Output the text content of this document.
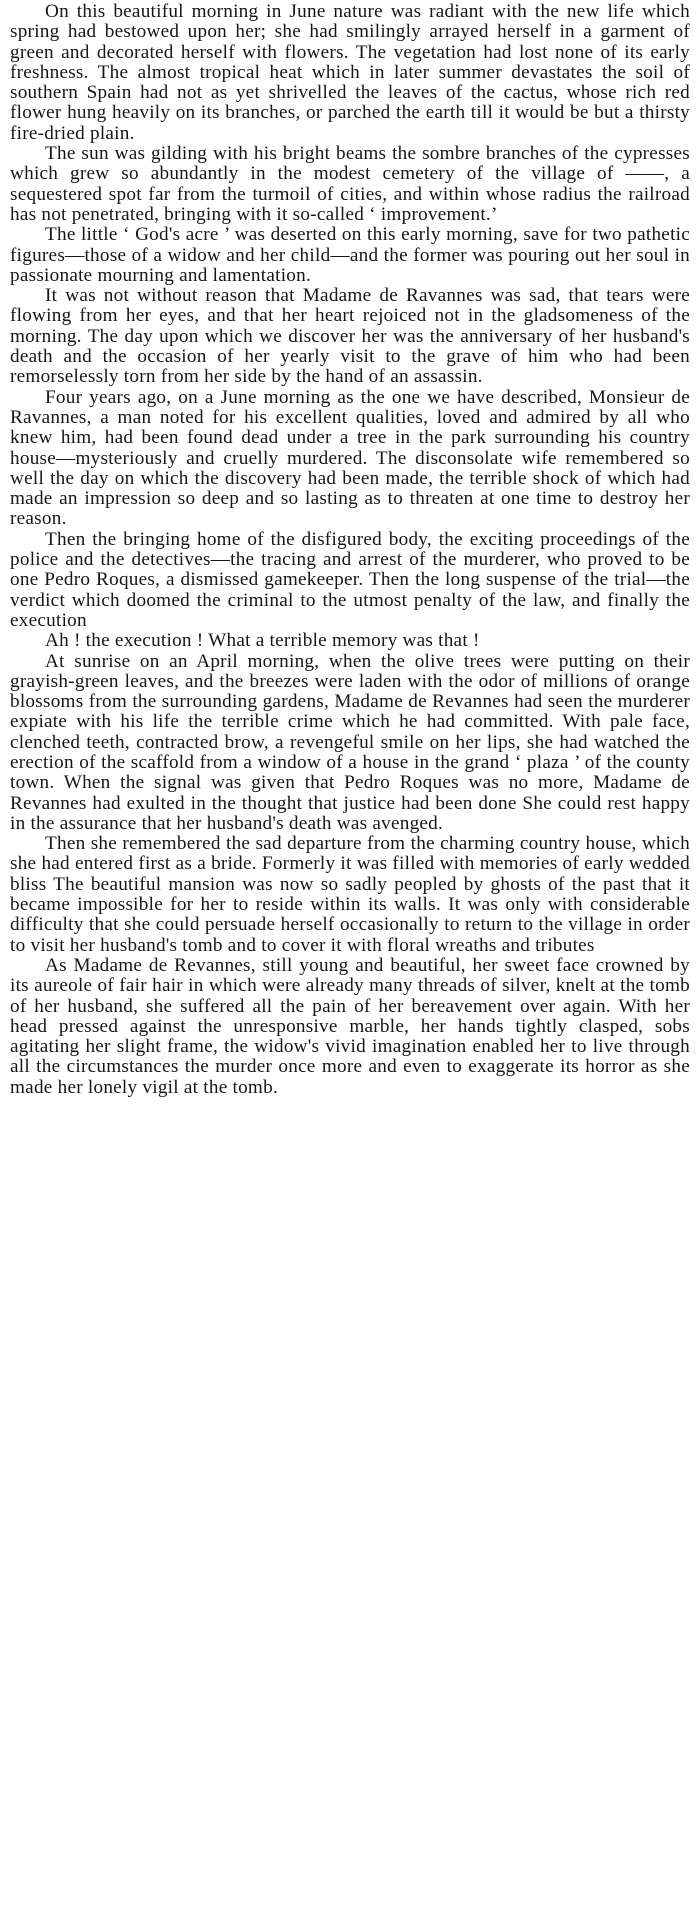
On this beautiful morning in June nature was radiant with the new life which spring had bestowed upon her; she had smilingly arrayed herself in a garment of green and decorated herself with flowers. The vegetation had lost none of its early freshness. The almost tropical heat which in later summer devastates the soil of southern Spain had not as yet shrivelled the leaves of the cactus, whose rich red flower hung heavily on its branches, or parched the earth till it would be but a thirsty fire-dried plain.

The sun was gilding with his bright beams the sombre branches of the cypresses which grew so abundantly in the modest cemetery of the village of ——, a sequestered spot far from the turmoil of cities, and within whose radius the railroad has not penetrated, bringing with it so-called ‘ improvement.’

The little ‘ God's acre ’ was deserted on this early morning, save for two pathetic figures—those of a widow and her child—and the former was pouring out her soul in passionate mourning and lamentation.

It was not without reason that Madame de Ravannes was sad, that tears were flowing from her eyes, and that her heart rejoiced not in the gladsomeness of the morning. The day upon which we discover her was the anniversary of her husband's death and the occasion of her yearly visit to the grave of him who had been remorselessly torn from her side by the hand of an assassin.

Four years ago, on a June morning as the one we have described, Monsieur de Ravannes, a man noted for his excellent qualities, loved and admired by all who knew him, had been found dead under a tree in the park surrounding his country house—mysteriously and cruelly murdered. The disconsolate wife remembered so well the day on which the discovery had been made, the terrible shock of which had made an impression so deep and so lasting as to threaten at one time to destroy her reason.

Then the bringing home of the disfigured body, the exciting proceedings of the police and the detectives—the tracing and arrest of the murderer, who proved to be one Pedro Roques, a dismissed gamekeeper. Then the long suspense of the trial—the verdict which doomed the criminal to the utmost penalty of the law, and finally the execution

Ah ! the execution ! What a terrible memory was that !

At sunrise on an April morning, when the olive trees were putting on their grayish-green leaves, and the breezes were laden with the odor of millions of orange blossoms from the surrounding gardens, Madame de Revannes had seen the murderer expiate with his life the terrible crime which he had committed. With pale face, clenched teeth, contracted brow, a revengeful smile on her lips, she had watched the erection of the scaffold from a window of a house in the grand ‘ plaza ’ of the county town. When the signal was given that Pedro Roques was no more, Madame de Revannes had exulted in the thought that justice had been done She could rest happy in the assurance that her husband's death was avenged.

Then she remembered the sad departure from the charming country house, which she had entered first as a bride. Formerly it was filled with memories of early wedded bliss The beautiful mansion was now so sadly peopled by ghosts of the past that it became impossible for her to reside within its walls. It was only with considerable difficulty that she could persuade herself occasionally to return to the village in order to visit her husband's tomb and to cover it with floral wreaths and tributes

As Madame de Revannes, still young and beautiful, her sweet face crowned by its aureole of fair hair in which were already many threads of silver, knelt at the tomb of her husband, she suffered all the pain of her bereavement over again. With her head pressed against the unresponsive marble, her hands tightly clasped, sobs agitating her slight frame, the widow's vivid imagination enabled her to live through all the circumstances the murder once more and even to exaggerate its horror as she made her lonely vigil at the tomb.
